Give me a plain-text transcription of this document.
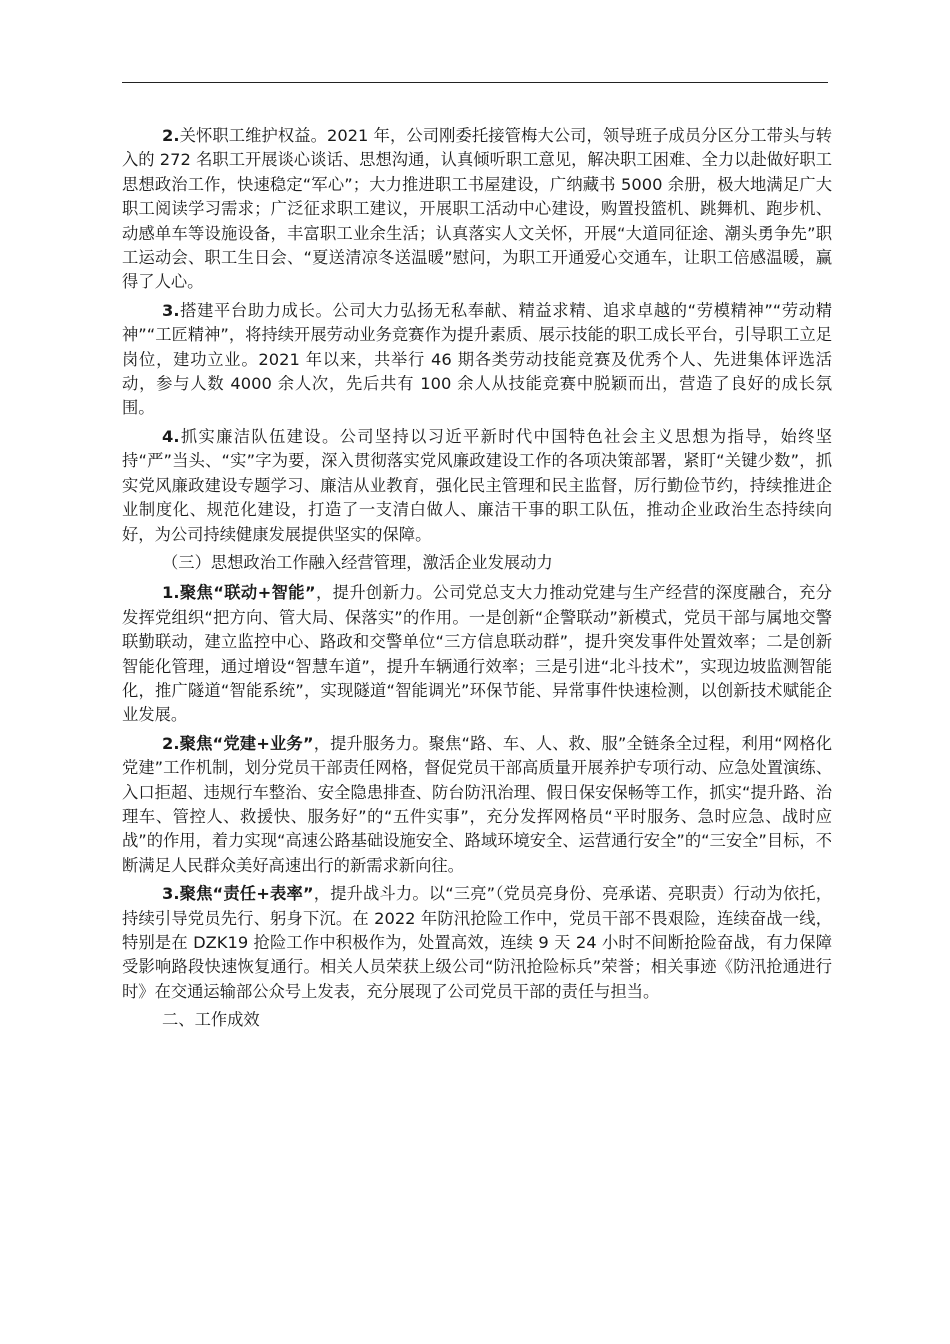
2.关怀职工维护权益。2021 年，公司刚委托接管梅大公司，领导班子成员分区分工带头与转入的 272 名职工开展谈心谈话、思想沟通，认真倾听职工意见，解决职工困难、全力以赴做好职工思想政治工作，快速稳定“军心”；大力推进职工书屋建设，广纳藏书 5000 余册，极大地满足广大职工阅读学习需求；广泛征求职工建议，开展职工活动中心建设，购置投篮机、跳舞机、跑步机、动感单车等设施设备，丰富职工业余生活；认真落实人文关怀，开展“大道同征途、潮头勇争先”职工运动会、职工生日会、“夏送清凉冬送温暖”慰问，为职工开通爱心交通车，让职工倍感温暖，赢得了人心。

3.搭建平台助力成长。公司大力弘扬无私奉献、精益求精、追求卓越的“劳模精神”“劳动精神”“工匠精神”，将持续开展劳动业务竞赛作为提升素质、展示技能的职工成长平台，引导职工立足岗位，建功立业。2021 年以来，共举行 46 期各类劳动技能竞赛及优秀个人、先进集体评选活动，参与人数 4000 余人次，先后共有 100 余人从技能竞赛中脱颖而出，营造了良好的成长氛围。

4.抓实廉洁队伍建设。公司坚持以习近平新时代中国特色社会主义思想为指导，始终坚持“严”当头、“实”字为要，深入贯彻落实党风廉政建设工作的各项决策部署，紧盯“关键少数”，抓实党风廉政建设专题学习、廉洁从业教育，强化民主管理和民主监督，厉行勤俭节约，持续推进企业制度化、规范化建设，打造了一支清白做人、廉洁干事的职工队伍，推动企业政治生态持续向好，为公司持续健康发展提供坚实的保障。

（三）思想政治工作融入经营管理，激活企业发展动力

1.聚焦“联动+智能”，提升创新力。公司党总支大力推动党建与生产经营的深度融合，充分发挥党组织“把方向、管大局、保落实”的作用。一是创新“企警联动”新模式，党员干部与属地交警联勤联动，建立监控中心、路政和交警单位“三方信息联动群”，提升突发事件处置效率；二是创新智能化管理，通过增设“智慧车道”，提升车辆通行效率；三是引进“北斗技术”，实现边坡监测智能化，推广隧道“智能系统”，实现隧道“智能调光”环保节能、异常事件快速检测，以创新技术赋能企业发展。

2.聚焦“党建+业务”，提升服务力。聚焦“路、车、人、救、服”全链条全过程，利用“网格化党建”工作机制，划分党员干部责任网格，督促党员干部高质量开展养护专项行动、应急处置演练、入口拒超、违规行车整治、安全隐患排查、防台防汛治理、假日保安保畅等工作，抓实“提升路、治理车、管控人、救援快、服务好”的“五件实事”，充分发挥网格员“平时服务、急时应急、战时应战”的作用，着力实现“高速公路基础设施安全、路域环境安全、运营通行安全”的“三安全”目标，不断满足人民群众美好高速出行的新需求新向往。

3.聚焦“责任+表率”，提升战斗力。以“三亮”（党员亮身份、亮承诺、亮职责）行动为依托，持续引导党员先行、躬身下沉。在 2022 年防汛抢险工作中，党员干部不畏艰险，连续奋战一线，特别是在 DZK19 抢险工作中积极作为，处置高效，连续 9 天 24 小时不间断抢险奋战，有力保障受影响路段快速恢复通行。相关人员荣获上级公司“防汛抢险标兵”荣誉；相关事迹《防汛抢通进行时》在交通运输部公众号上发表，充分展现了公司党员干部的责任与担当。

二、工作成效
